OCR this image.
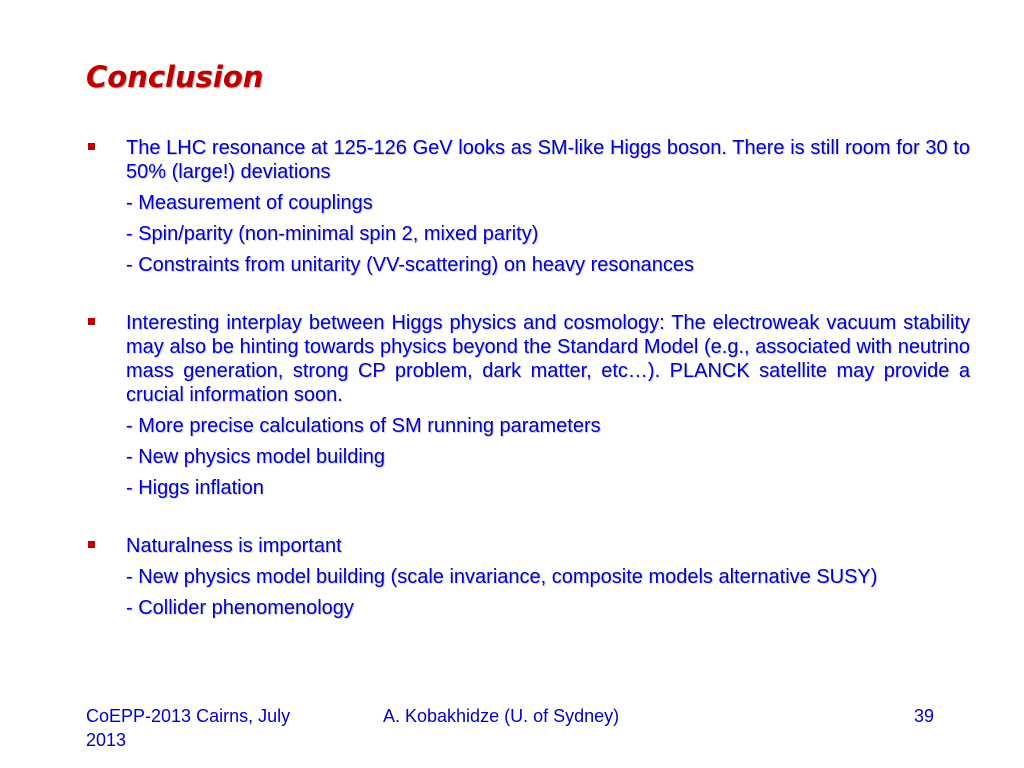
Conclusion
The LHC resonance at 125-126 GeV looks as SM-like Higgs boson. There is still room for 30 to 50% (large!) deviations
- Measurement of couplings
- Spin/parity (non-minimal spin 2, mixed parity)
- Constraints from unitarity (VV-scattering) on heavy resonances
Interesting interplay between Higgs physics and cosmology: The electroweak vacuum stability may also be hinting towards physics beyond the Standard Model (e.g., associated with neutrino mass generation, strong CP problem, dark matter, etc…). PLANCK satellite may provide a crucial information soon.
- More precise calculations of SM running parameters
- New physics model building
- Higgs inflation
Naturalness is important
- New physics model building (scale invariance, composite models alternative SUSY)
- Collider phenomenology
CoEPP-2013 Cairns, July 2013
A. Kobakhidze (U. of Sydney)	39
